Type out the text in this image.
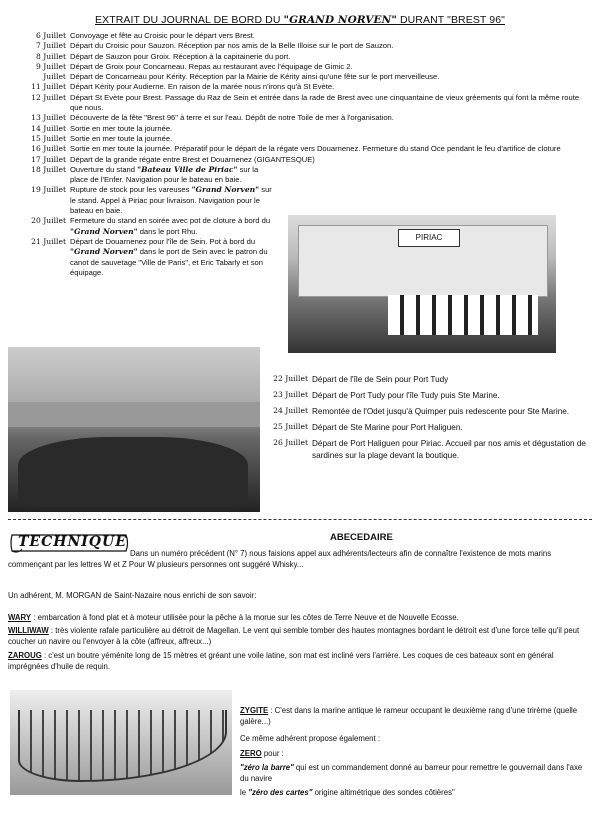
EXTRAIT DU JOURNAL DE BORD DU "GRAND NORVEN" DURANT "BREST 96"
6 Juillet Convoyage et fête au Croisic pour le départ vers Brest.
7 Juillet Départ du Croisic pour Sauzon. Réception par nos amis de la Belle Illoise sur le port de Sauzon.
8 Juillet Départ de Sauzon pour Groix. Réception à la capitainerie du port.
9 Juillet Départ de Groix pour Concarneau. Repas au restaurant avec l'équipage de Gimic 2.
Juillet Départ de Concarneau pour Kérity. Réception par la Mairie de Kérity ainsi qu'une fête sur le port merveilleuse.
11 Juillet Départ Kérity pour Audierne. En raison de la marée nous n'irons qu'à St Evète.
12 Juillet Départ St Evète pour Brest. Passage du Raz de Sein et entrée dans la rade de Brest avec une cinquantaine de vieux gréements qui font la même route que nous.
13 Juillet Découverte de la fête "Brest 96" à terre et sur l'eau. Dépôt de notre Toile de mer à l'organisation.
14 Juillet Sortie en mer toute la journée.
15 Juillet Sortie en mer toute la journée.
16 Juillet Sortie en mer toute la journée. Préparatif pour le départ de la régate vers Douarnenez. Fermeture du stand Oce pendant le feu d'artifice de cloture
17 Juillet Départ de la grande régate entre Brest et Douarnenez (GIGANTESQUE)
18 Juillet Ouverture du stand "Bateau Ville de Piriac" sur la place de l'Enfer. Navigation pour le bateau en baie.
19 Juillet Rupture de stock pour les vareuses "Grand Norven" sur le stand. Appel à Piriac pour livraison. Navigation pour le bateau en baie.
20 Juillet Fermeture du stand en soirée avec pot de cloture à bord du "Grand Norven" dans le port Rhu.
21 Juillet Départ de Douarnenez pour l'île de Sein. Pot à bord du "Grand Norven" dans le port de Sein avec le patron du canot de sauvetage "Ville de Paris", et Eric Tabarly et son équipage.
PIRIAC
22 Juillet Départ de l'île de Sein pour Port Tudy
23 Juillet Départ de Port Tudy pour l'île Tudy puis Ste Marine.
24 Juillet Remontée de l'Odet jusqu'à Quimper puis redescente pour Ste Marine.
25 Juillet Départ de Ste Marine pour Port Haliguen.
26 Juillet Départ de Port Haliguen pour Piriac. Accueil par nos amis et dégustation de sardines sur la plage devant la boutique.
TECHNIQUE	ABECEDAIRE
Dans un numéro précédent (N° 7) nous faisions appel aux adhérents/lecteurs afin de connaître l'existence de mots marins commençant par les lettres W et Z Pour W plusieurs personnes ont suggéré Whisky...
Un adhérent, M. MORGAN de Saint-Nazaire nous enrichi de son savoir:
WARY : embarcation à fond plat et à moteur utilisée pour la pêche à la morue sur les côtes de Terre Neuve et de Nouvelle Ecosse.
WILLIWAW : très violente rafale particulière au détroit de Magellan. Le vent qui semble tomber des hautes montagnes bordant le détroit est d'une force telle qu'il peut coucher un navire ou l'envoyer à la côte (affreux, affreux...)
ZAROUG : c'est un boutre yéménite long de 15 mètres et gréant une voile latine, son mat est incliné vers l'arrière. Les coques de ces bateaux sont en général imprégnées d'huile de requin.
ZYGITE : C'est dans la marine antique le rameur occupant le deuxième rang d'une trirème (quelle galère...)
Ce même adhérent propose également :
ZERO pour :
"zéro la barre" qui est un commandement donné au barreur pour remettre le gouvernail dans l'axe du navire
le "zéro des cartes" origine altimétrique des sondes côtières"
